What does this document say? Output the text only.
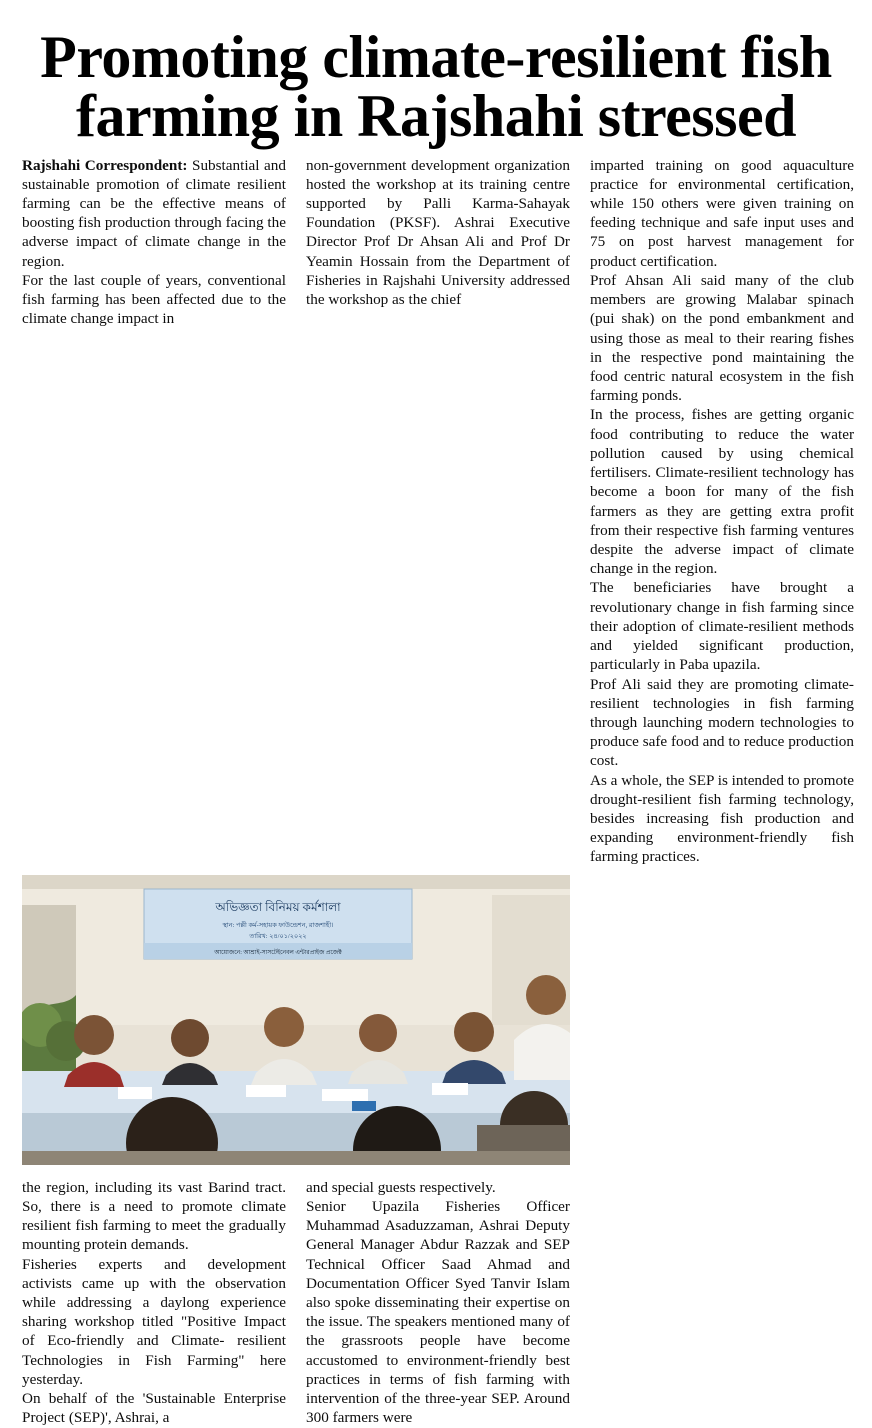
Promoting climate-resilient fish
farming in Rajshahi stressed

Rajshahi Correspondent: Substantial and sustainable promotion of climate resilient farming can be the effective means of boosting fish production through facing the adverse impact of climate change in the region.
For the last couple of years, conventional fish farming has been affected due to the climate change impact in

non-government development organization hosted the workshop at its training centre supported by Palli Karma-Sahayak Foundation (PKSF). Ashrai Executive Director Prof Dr Ahsan Ali and Prof Dr Yeamin Hossain from the Department of Fisheries in Rajshahi University addressed the workshop as the chief

imparted training on good aquaculture practice for environmental certification, while 150 others were given training on feeding technique and safe input uses and 75 on post harvest management for product certification.
Prof Ahsan Ali said many of the club members are growing Malabar spinach (pui shak) on the pond embankment and using those as meal to their rearing fishes in the respective pond maintaining the food centric natural ecosystem in the fish farming ponds.
In the process, fishes are getting organic food contributing to reduce the water pollution caused by using chemical fertilisers. Climate-resilient technology has become a boon for many of the fish farmers as they are getting extra profit from their respective fish farming ventures despite the adverse impact of climate change in the region.
The beneficiaries have brought a revolutionary change in fish farming since their adoption of climate-resilient methods and yielded significant production, particularly in Paba upazila.
Prof Ali said they are promoting climate-resilient technologies in fish farming through launching modern technologies to produce safe food and to reduce production cost.
As a whole, the SEP is intended to promote drought-resilient fish farming technology, besides increasing fish production and expanding environment-friendly fish farming practices.

অভিজ্ঞতা বিনিময় কর্মশালা
স্থান: পল্লী কর্ম-সহায়ক ফাউন্ডেশন, রাজশাহী।
তারিখ: ২৪/০১/২০২২
আয়োজনে: আশ্রাই-সাসটেইনেবল এন্টারপ্রাইজ প্রজেক্ট

the region, including its vast Barind tract. So, there is a need to promote climate resilient fish farming to meet the gradually mounting protein demands.
Fisheries experts and development activists came up with the observation while addressing a daylong experience sharing workshop titled "Positive Impact of Eco-friendly and Climate- resilient Technologies in Fish Farming" here yesterday.
On behalf of the 'Sustainable Enterprise Project (SEP)', Ashrai, a

and special guests respectively.
Senior Upazila Fisheries Officer Muhammad Asaduzzaman, Ashrai Deputy General Manager Abdur Razzak and SEP Technical Officer Saad Ahmad and Documentation Officer Syed Tanvir Islam also spoke disseminating their expertise on the issue. The speakers mentioned many of the grassroots people have become accustomed to environment-friendly best practices in terms of fish farming with intervention of the three-year SEP. Around 300 farmers were
